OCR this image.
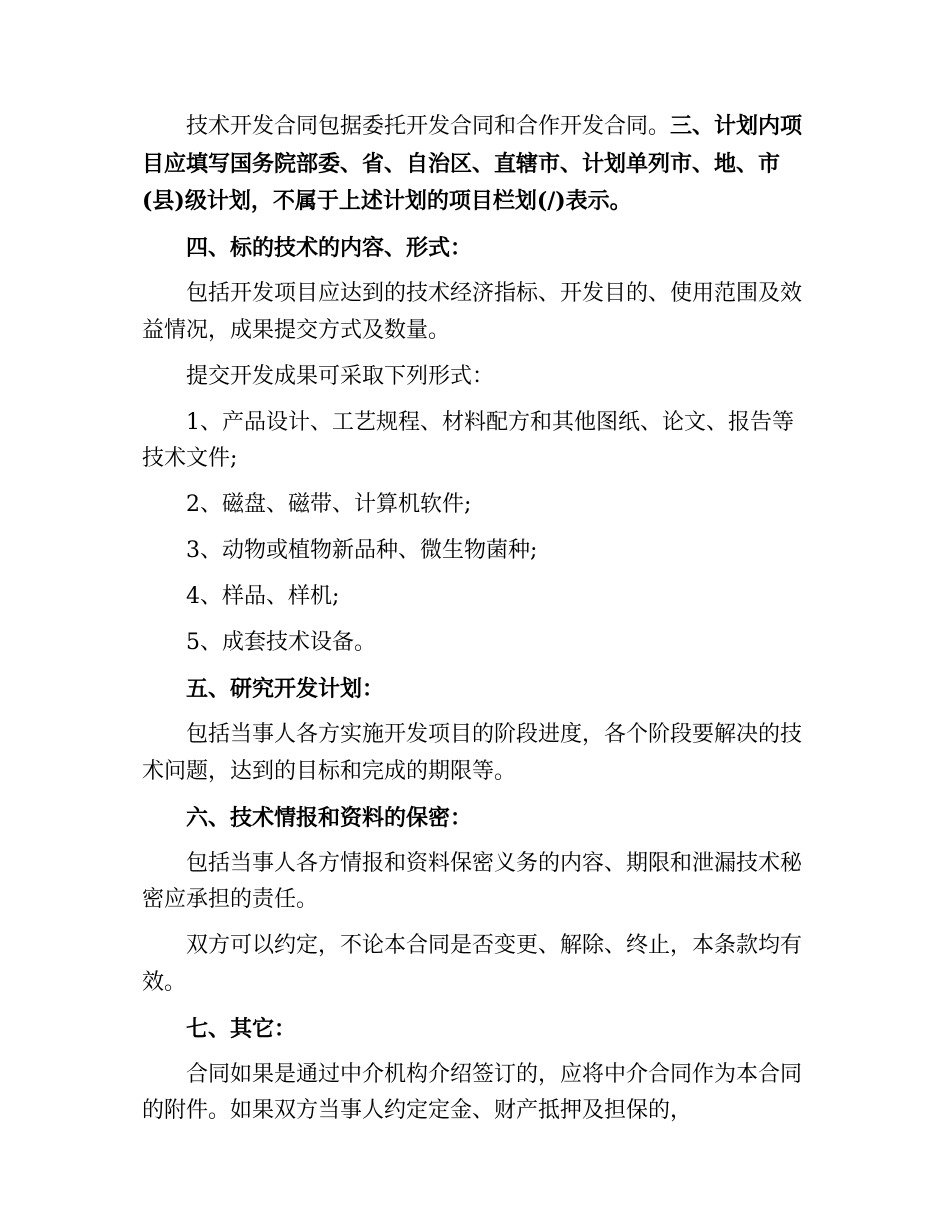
技术开发合同包据委托开发合同和合作开发合同。三、计划内项目应填写国务院部委、省、自治区、直辖市、计划单列市、地、市(县)级计划，不属于上述计划的项目栏划(/)表示。

四、标的技术的内容、形式：

包括开发项目应达到的技术经济指标、开发目的、使用范围及效益情况，成果提交方式及数量。

提交开发成果可采取下列形式：

1、产品设计、工艺规程、材料配方和其他图纸、论文、报告等技术文件;

2、磁盘、磁带、计算机软件;

3、动物或植物新品种、微生物菌种;

4、样品、样机;

5、成套技术设备。

五、研究开发计划：

包括当事人各方实施开发项目的阶段进度，各个阶段要解决的技术问题，达到的目标和完成的期限等。

六、技术情报和资料的保密：

包括当事人各方情报和资料保密义务的内容、期限和泄漏技术秘密应承担的责任。

双方可以约定，不论本合同是否变更、解除、终止，本条款均有效。

七、其它：

合同如果是通过中介机构介绍签订的，应将中介合同作为本合同的附件。如果双方当事人约定定金、财产抵押及担保的，
